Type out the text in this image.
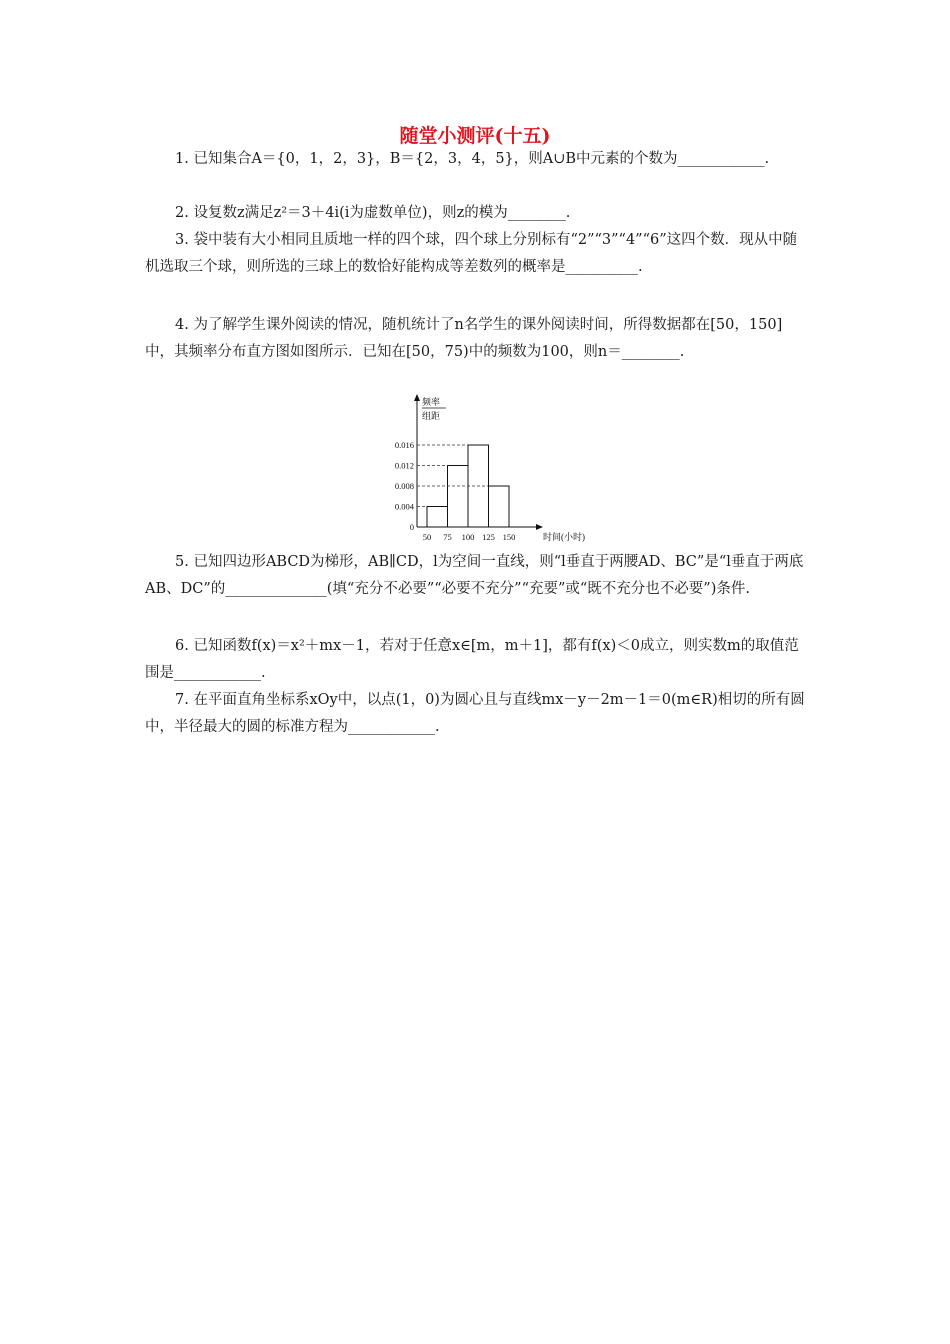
随堂小测评(十五)
1. 已知集合A＝{0，1，2，3}，B＝{2，3，4，5}，则A∪B中元素的个数为____________.
2. 设复数z满足z²＝3＋4i(i为虚数单位)，则z的模为________.
3. 袋中装有大小相同且质地一样的四个球，四个球上分别标有“2”“3”“4”“6”这四个数．现从中随机选取三个球，则所选的三球上的数恰好能构成等差数列的概率是__________.
4. 为了解学生课外阅读的情况，随机统计了n名学生的课外阅读时间，所得数据都在[50，150]中，其频率分布直方图如图所示．已知在[50，75)中的频数为100，则n＝________.
0
0.004
0.008
0.012
0.016
50 75 100 125 150
频率
组距
时间(小时)
5. 已知四边形ABCD为梯形，AB∥CD，l为空间一直线，则“l垂直于两腰AD、BC”是“l垂直于两底AB、DC”的______________(填“充分不必要”“必要不充分”“充要”或“既不充分也不必要”)条件.
6. 已知函数f(x)＝x²＋mx－1，若对于任意x∈[m，m＋1]，都有f(x)＜0成立，则实数m的取值范围是____________.
7. 在平面直角坐标系xOy中，以点(1，0)为圆心且与直线mx－y－2m－1＝0(m∈R)相切的所有圆中，半径最大的圆的标准方程为____________.
